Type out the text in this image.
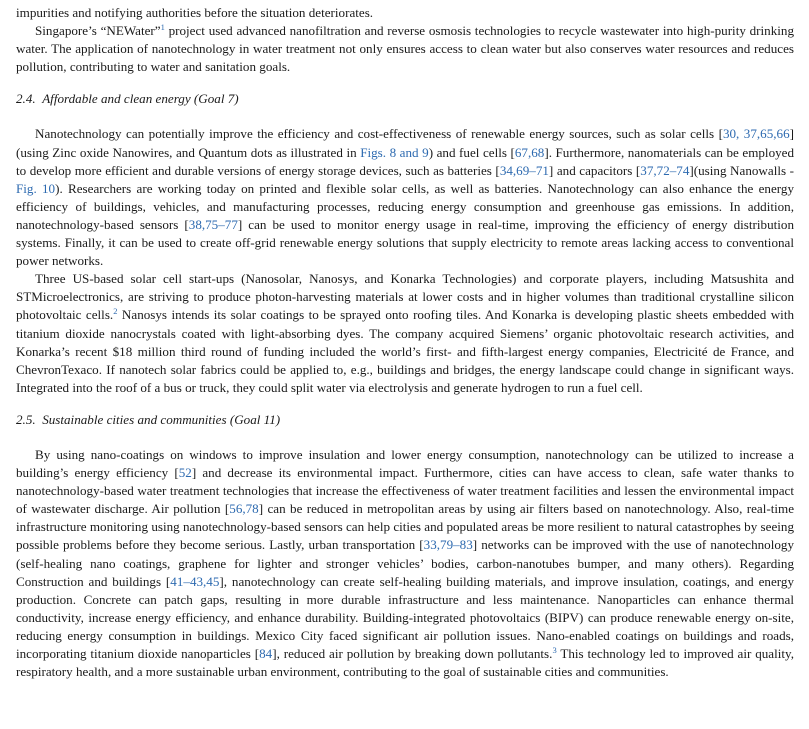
impurities and notifying authorities before the situation deteriorates.

Singapore’s “NEWater”$^1$ project used advanced nanofiltration and reverse osmosis technologies to recycle wastewater into high-purity drinking water. The application of nanotechnology in water treatment not only ensures access to clean water but also conserves water resources and reduces pollution, contributing to water and sanitation goals.

2.4. Affordable and clean energy (Goal 7)

Nanotechnology can potentially improve the efficiency and cost-effectiveness of renewable energy sources, such as solar cells [30, 37,65,66] (using Zinc oxide Nanowires, and Quantum dots as illustrated in Figs. 8 and 9) and fuel cells [67,68]. Furthermore, nanomaterials can be employed to develop more efficient and durable versions of energy storage devices, such as batteries [34,69–71] and capacitors [37,72–74](using Nanowalls - Fig. 10). Researchers are working today on printed and flexible solar cells, as well as batteries. Nanotechnology can also enhance the energy efficiency of buildings, vehicles, and manufacturing processes, reducing energy consumption and greenhouse gas emissions. In addition, nanotechnology-based sensors [38,75–77] can be used to monitor energy usage in real-time, improving the efficiency of energy distribution systems. Finally, it can be used to create off-grid renewable energy solutions that supply electricity to remote areas lacking access to conventional power networks.

Three US-based solar cell start-ups (Nanosolar, Nanosys, and Konarka Technologies) and corporate players, including Matsushita and STMicroelectronics, are striving to produce photon-harvesting materials at lower costs and in higher volumes than traditional crystalline silicon photovoltaic cells.$^2$ Nanosys intends its solar coatings to be sprayed onto roofing tiles. And Konarka is developing plastic sheets embedded with titanium dioxide nanocrystals coated with light-absorbing dyes. The company acquired Siemens’ organic photovoltaic research activities, and Konarka’s recent $18 million third round of funding included the world’s first- and fifth-largest energy companies, Electricité de France, and ChevronTexaco. If nanotech solar fabrics could be applied to, e.g., buildings and bridges, the energy landscape could change in significant ways. Integrated into the roof of a bus or truck, they could split water via electrolysis and generate hydrogen to run a fuel cell.

2.5. Sustainable cities and communities (Goal 11)

By using nano-coatings on windows to improve insulation and lower energy consumption, nanotechnology can be utilized to increase a building’s energy efficiency [52] and decrease its environmental impact. Furthermore, cities can have access to clean, safe water thanks to nanotechnology-based water treatment technologies that increase the effectiveness of water treatment facilities and lessen the environmental impact of wastewater discharge. Air pollution [56,78] can be reduced in metropolitan areas by using air filters based on nanotechnology. Also, real-time infrastructure monitoring using nanotechnology-based sensors can help cities and populated areas be more resilient to natural catastrophes by seeing possible problems before they become serious. Lastly, urban transportation [33,79–83] networks can be improved with the use of nanotechnology (self-healing nano coatings, graphene for lighter and stronger vehicles’ bodies, carbon-nanotubes bumper, and many others). Regarding Construction and buildings [41–43,45], nanotechnology can create self-healing building materials, and improve insulation, coatings, and energy production. Concrete can patch gaps, resulting in more durable infrastructure and less maintenance. Nanoparticles can enhance thermal conductivity, increase energy efficiency, and enhance durability. Building-integrated photovoltaics (BIPV) can produce renewable energy on-site, reducing energy consumption in buildings. Mexico City faced significant air pollution issues. Nano-enabled coatings on buildings and roads, incorporating titanium dioxide nanoparticles [84], reduced air pollution by breaking down pollutants.$^3$ This technology led to improved air quality, respiratory health, and a more sustainable urban environment, contributing to the goal of sustainable cities and communities.
